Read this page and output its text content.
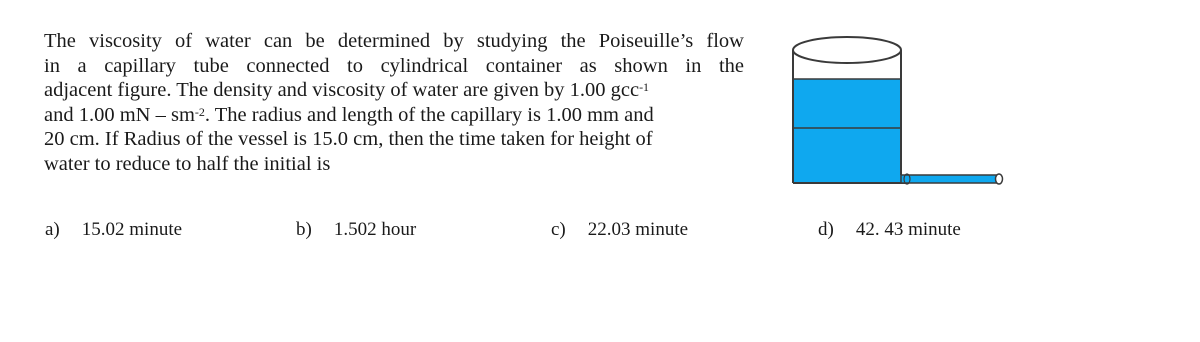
The viscosity of water can be determined by studying the Poiseuille’s flow
in a capillary tube connected to cylindrical container as shown in the
adjacent figure. The density and viscosity of water are given by 1.00 gcc$^{-1}$
and 1.00 mN – $sm^{-2}$. The radius and length of the capillary is 1.00 mm and
20 cm. If Radius of the vessel is 15.0 cm, then the time taken for height of
water to reduce to half the initial is
a) 15.02 minute	b) 1.502 hour	c) 22.03 minute	d) 42. 43 minute
